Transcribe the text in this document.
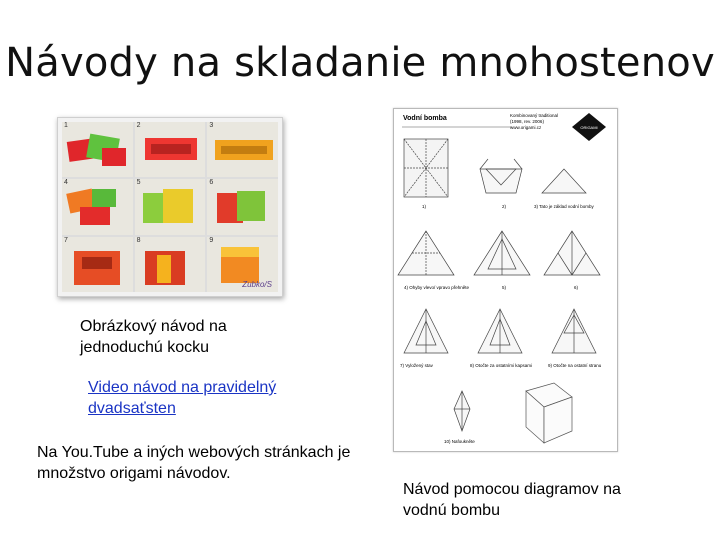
Návody na skladanie mnohostenov
1	2	3
4	5	6
7	8	9
Zubko/S
Obrázkový návod na jednoduchú kocku
Video návod na pravidelný dvadsaťsten
Na You.Tube a iných webových stránkach je množstvo origami návodov.
Vodní bomba	Kombinovaný traditional
(1998, rev. 2006)
www.origami.cz	ORIGAMI
1)	2)	3) Tato je základ vodní bomby
4) Ohyby vlevo/ vpravo přehněte	5)	6)
7) Vyložený stav	8) Otočte za ostatními kapsami	9) Otočte na ostatní stranu
10) Nafoukněte
Návod pomocou diagramov na vodnú bombu
